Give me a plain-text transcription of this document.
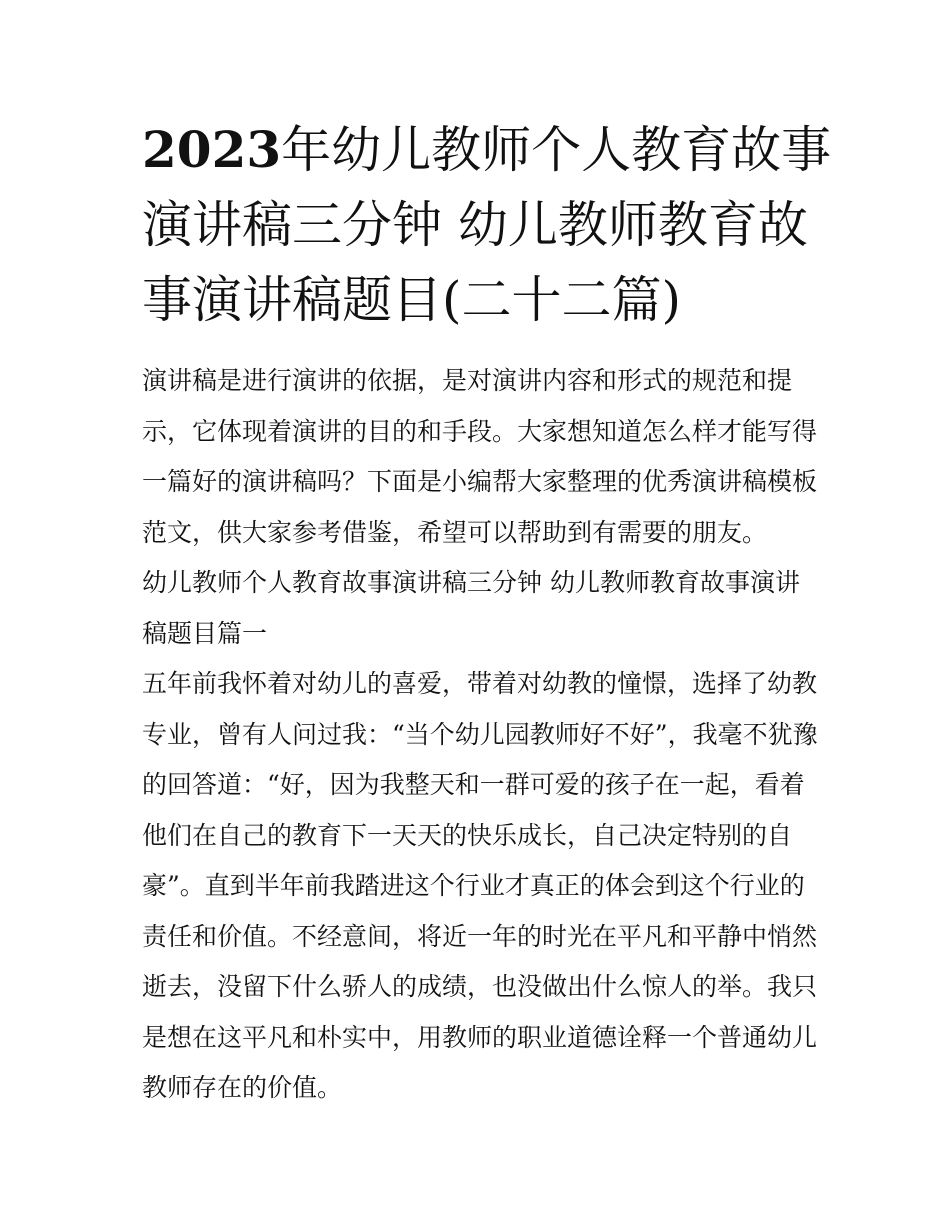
2023年幼儿教师个人教育故事
演讲稿三分钟 幼儿教师教育故
事演讲稿题目(二十二篇)
演讲稿是进行演讲的依据，是对演讲内容和形式的规范和提
示，它体现着演讲的目的和手段。大家想知道怎么样才能写得
一篇好的演讲稿吗？下面是小编帮大家整理的优秀演讲稿模板
范文，供大家参考借鉴，希望可以帮助到有需要的朋友。
幼儿教师个人教育故事演讲稿三分钟 幼儿教师教育故事演讲
稿题目篇一
五年前我怀着对幼儿的喜爱，带着对幼教的憧憬，选择了幼教
专业，曾有人问过我：“当个幼儿园教师好不好”，我毫不犹豫
的回答道：“好，因为我整天和一群可爱的孩子在一起，看着
他们在自己的教育下一天天的快乐成长，自己决定特别的自
豪”。直到半年前我踏进这个行业才真正的体会到这个行业的
责任和价值。不经意间，将近一年的时光在平凡和平静中悄然
逝去，没留下什么骄人的成绩，也没做出什么惊人的举。我只
是想在这平凡和朴实中，用教师的职业道德诠释一个普通幼儿
教师存在的价值。
